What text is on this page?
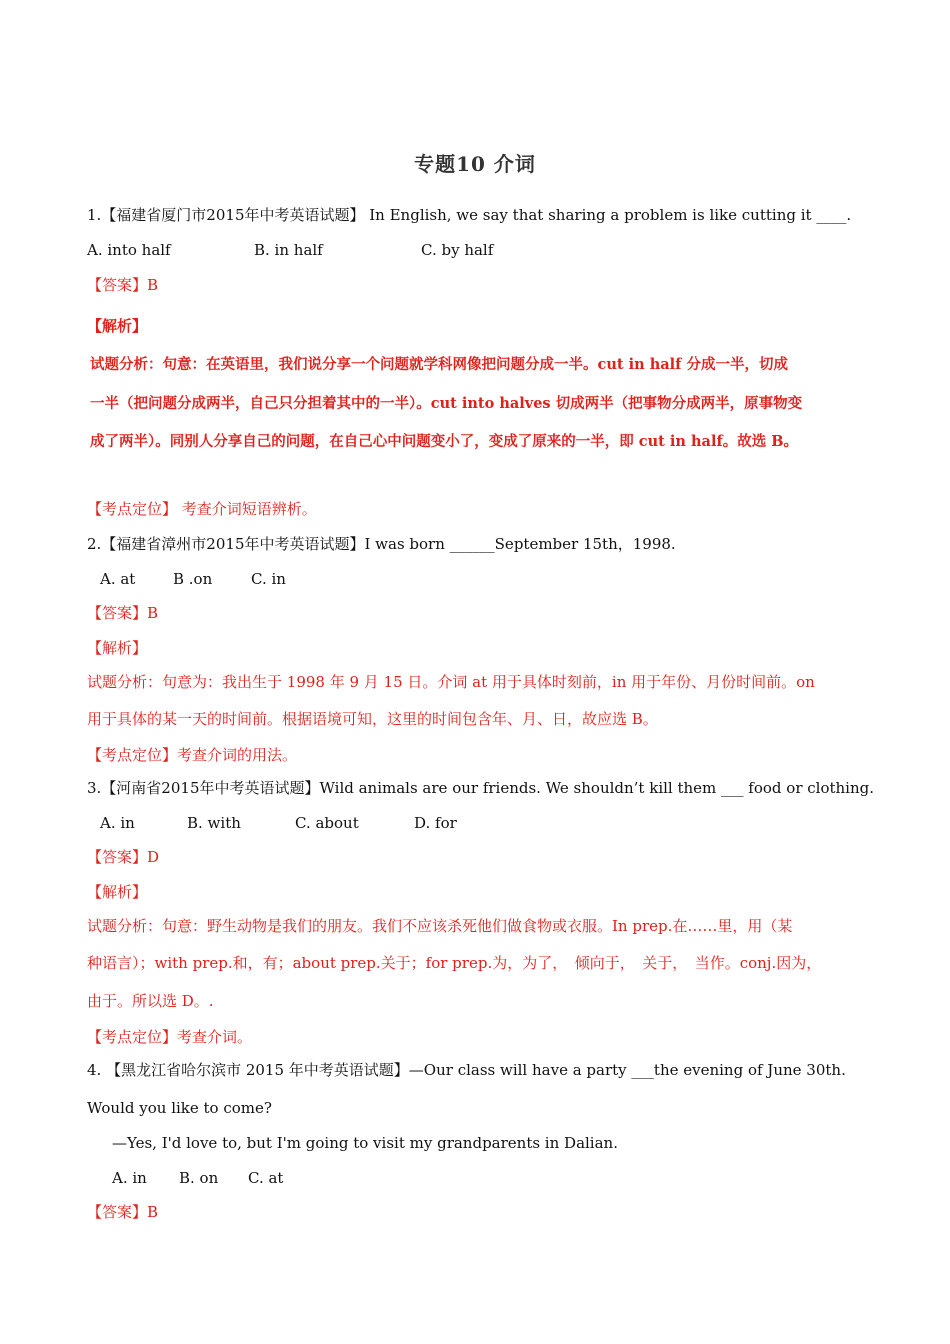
专题10 介词
1.【福建省厦门市2015年中考英语试题】 In English, we say that sharing a problem is like cutting it ____.
A. into half	B. in half	C. by half
【答案】B
【解析】
试题分析：句意：在英语里，我们说分享一个问题就学科网像把问题分成一半。cut in half 分成一半，切成
一半（把问题分成两半，自己只分担着其中的一半）。cut into halves 切成两半（把事物分成两半，原事物变
成了两半）。同别人分享自己的问题，在自己心中问题变小了，变成了原来的一半，即 cut in half。故选 B。
【考点定位】 考查介词短语辨析。
2.【福建省漳州市2015年中考英语试题】I was born ______September 15th，1998.
A. at	B .on	C. in
【答案】B
【解析】
试题分析：句意为：我出生于 1998 年 9 月 15 日。介词 at 用于具体时刻前，in 用于年份、月份时间前。on
用于具体的某一天的时间前。根据语境可知，这里的时间包含年、月、日，故应选 B。
【考点定位】考查介词的用法。
3.【河南省2015年中考英语试题】Wild animals are our friends. We shouldn’t kill them ___ food or clothing.
A. in	B. with	C. about	D. for
【答案】D
【解析】
试题分析：句意：野生动物是我们的朋友。我们不应该杀死他们做食物或衣服。In prep.在……里，用（某
种语言）；with prep.和，有；about prep.关于；for prep.为，为了，　倾向于，　关于，　当作。conj.因为，
由于。所以选 D。.
【考点定位】考查介词。
4. 【黑龙江省哈尔滨市 2015 年中考英语试题】—Our class will have a party ___the evening of June 30th.
Would you like to come?
—Yes, I'd love to, but I'm going to visit my grandparents in Dalian.
A. in B. on C. at
【答案】B
